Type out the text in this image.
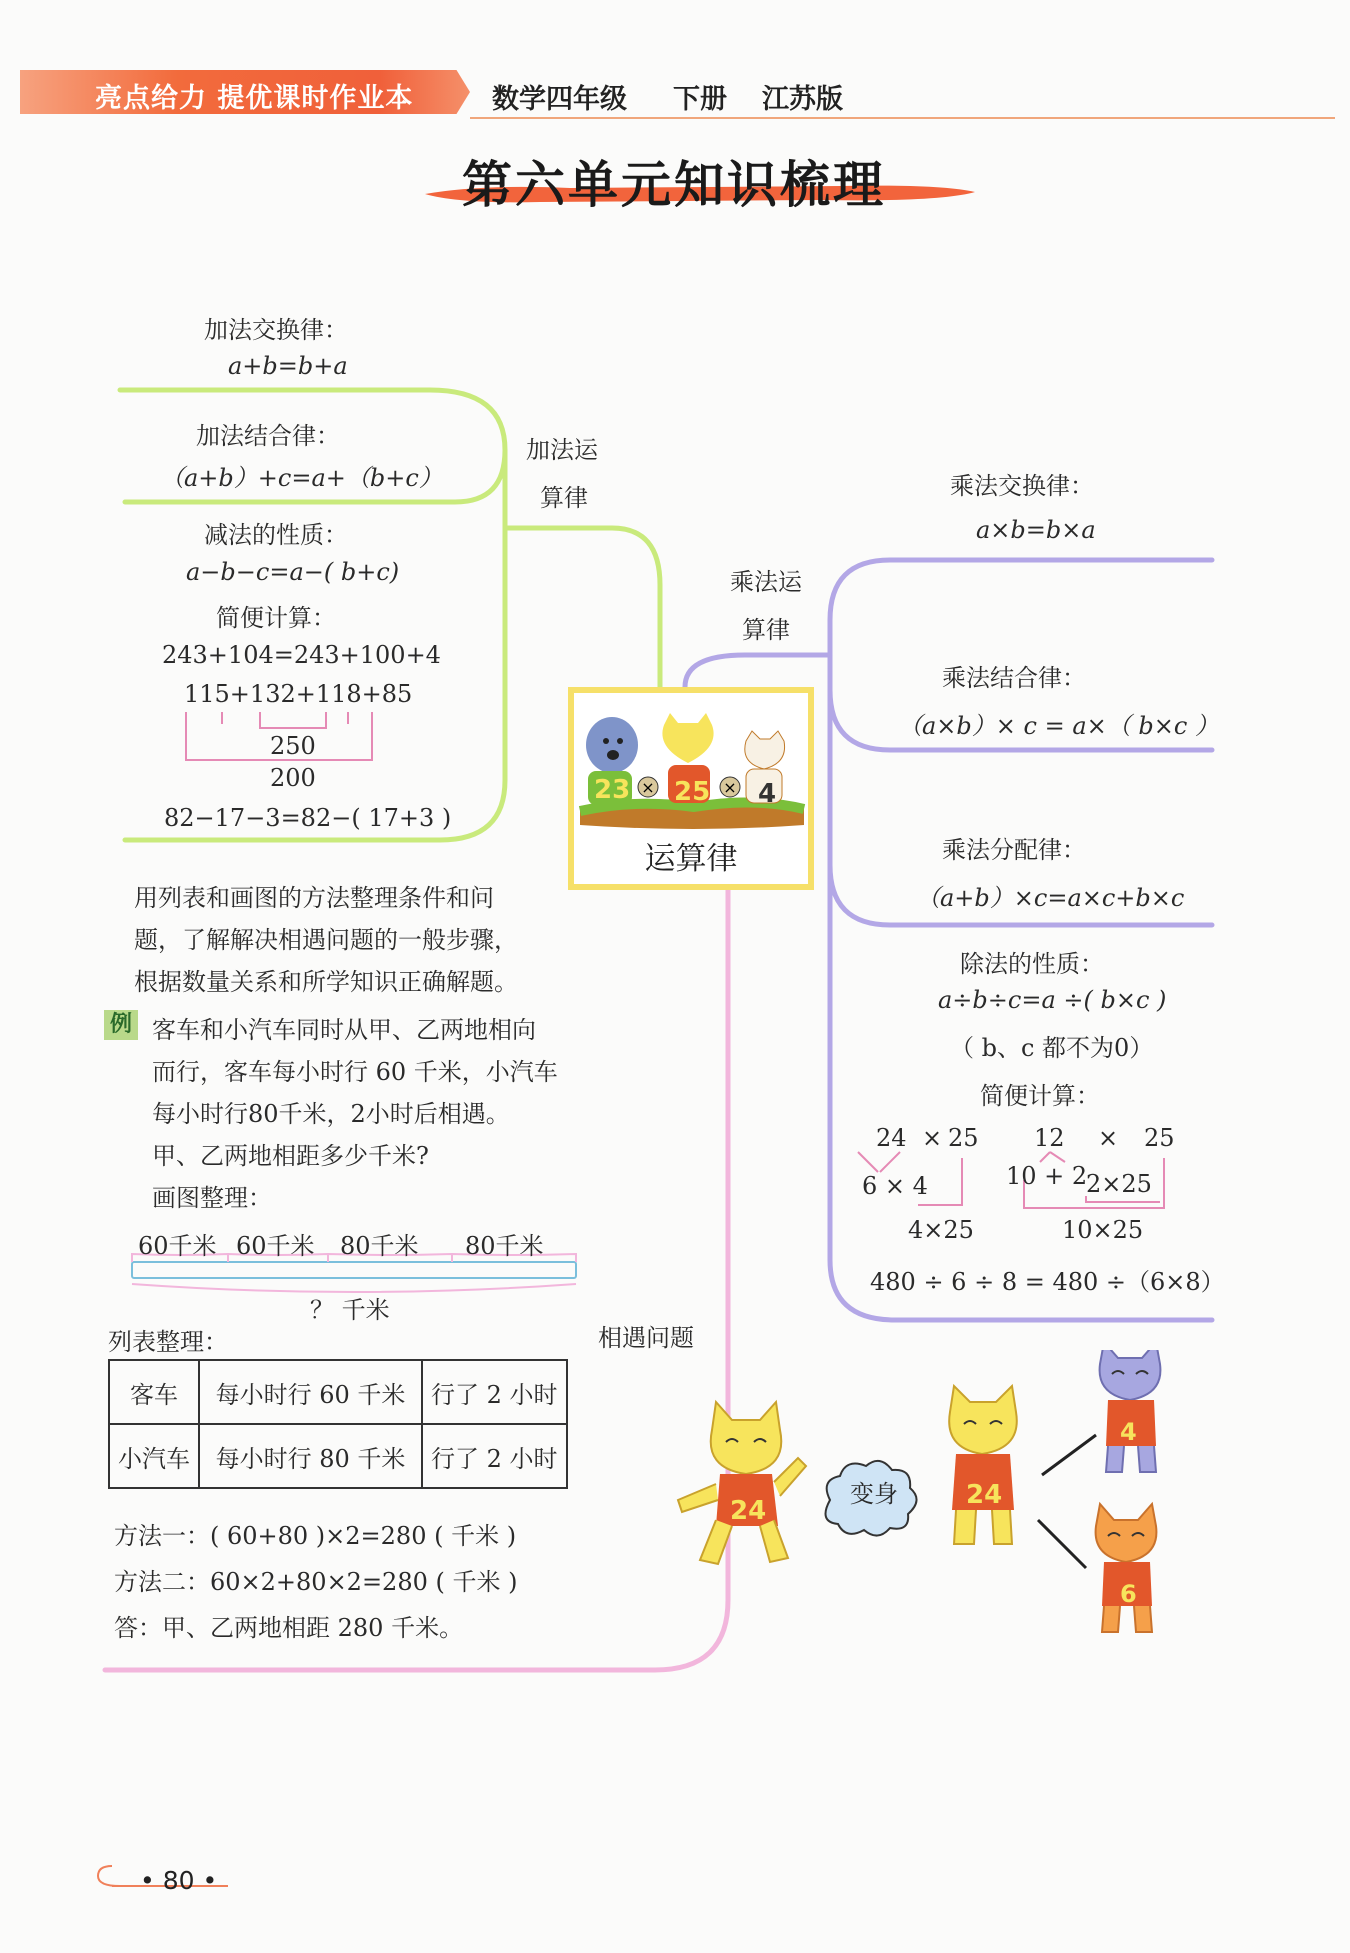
亮点给力 提优课时作业本	数学四年级 下册 江苏版
第六单元知识梳理
加法交换律：
a+b=b+a
加法结合律：
（a+b）+c=a+（b+c）
加法运
算律
减法的性质：
a−b−c=a−( b+c)
简便计算：
243+104=243+100+4
115+132+118+85
250
200
82−17−3=82−( 17+3 )
×	×
23 25 4
运算律
乘法运
算律
乘法交换律：
a×b=b×a
乘法结合律：
（a×b）× c = a×（ b×c ）
乘法分配律：
（a+b）×c=a×c+b×c
除法的性质：
a÷b÷c=a ÷( b×c )
（ b、c 都不为0）
简便计算：
24 × 25
6 × 4
4×25
12 × 25
10 + 2
2×25
10×25
480 ÷ 6 ÷ 8 = 480 ÷（6×8）
用列表和画图的方法整理条件和问
题，了解解决相遇问题的一般步骤，
根据数量关系和所学知识正确解题。
例 客车和小汽车同时从甲、乙两地相向
而行，客车每小时行 60 千米，小汽车
每小时行80千米，2小时后相遇。
甲、乙两地相距多少千米?
画图整理：
60千米 60千米 80千米 80千米
？ 千米
列表整理：	相遇问题
客车	每小时行 60 千米	行了 2 小时
小汽车	每小时行 80 千米	行了 2 小时
方法一：( 60+80 )×2=280 ( 千米 )
方法二：60×2+80×2=280 ( 千米 )
答：甲、乙两地相距 280 千米。
24
24
4
6
变身
• 80 •
